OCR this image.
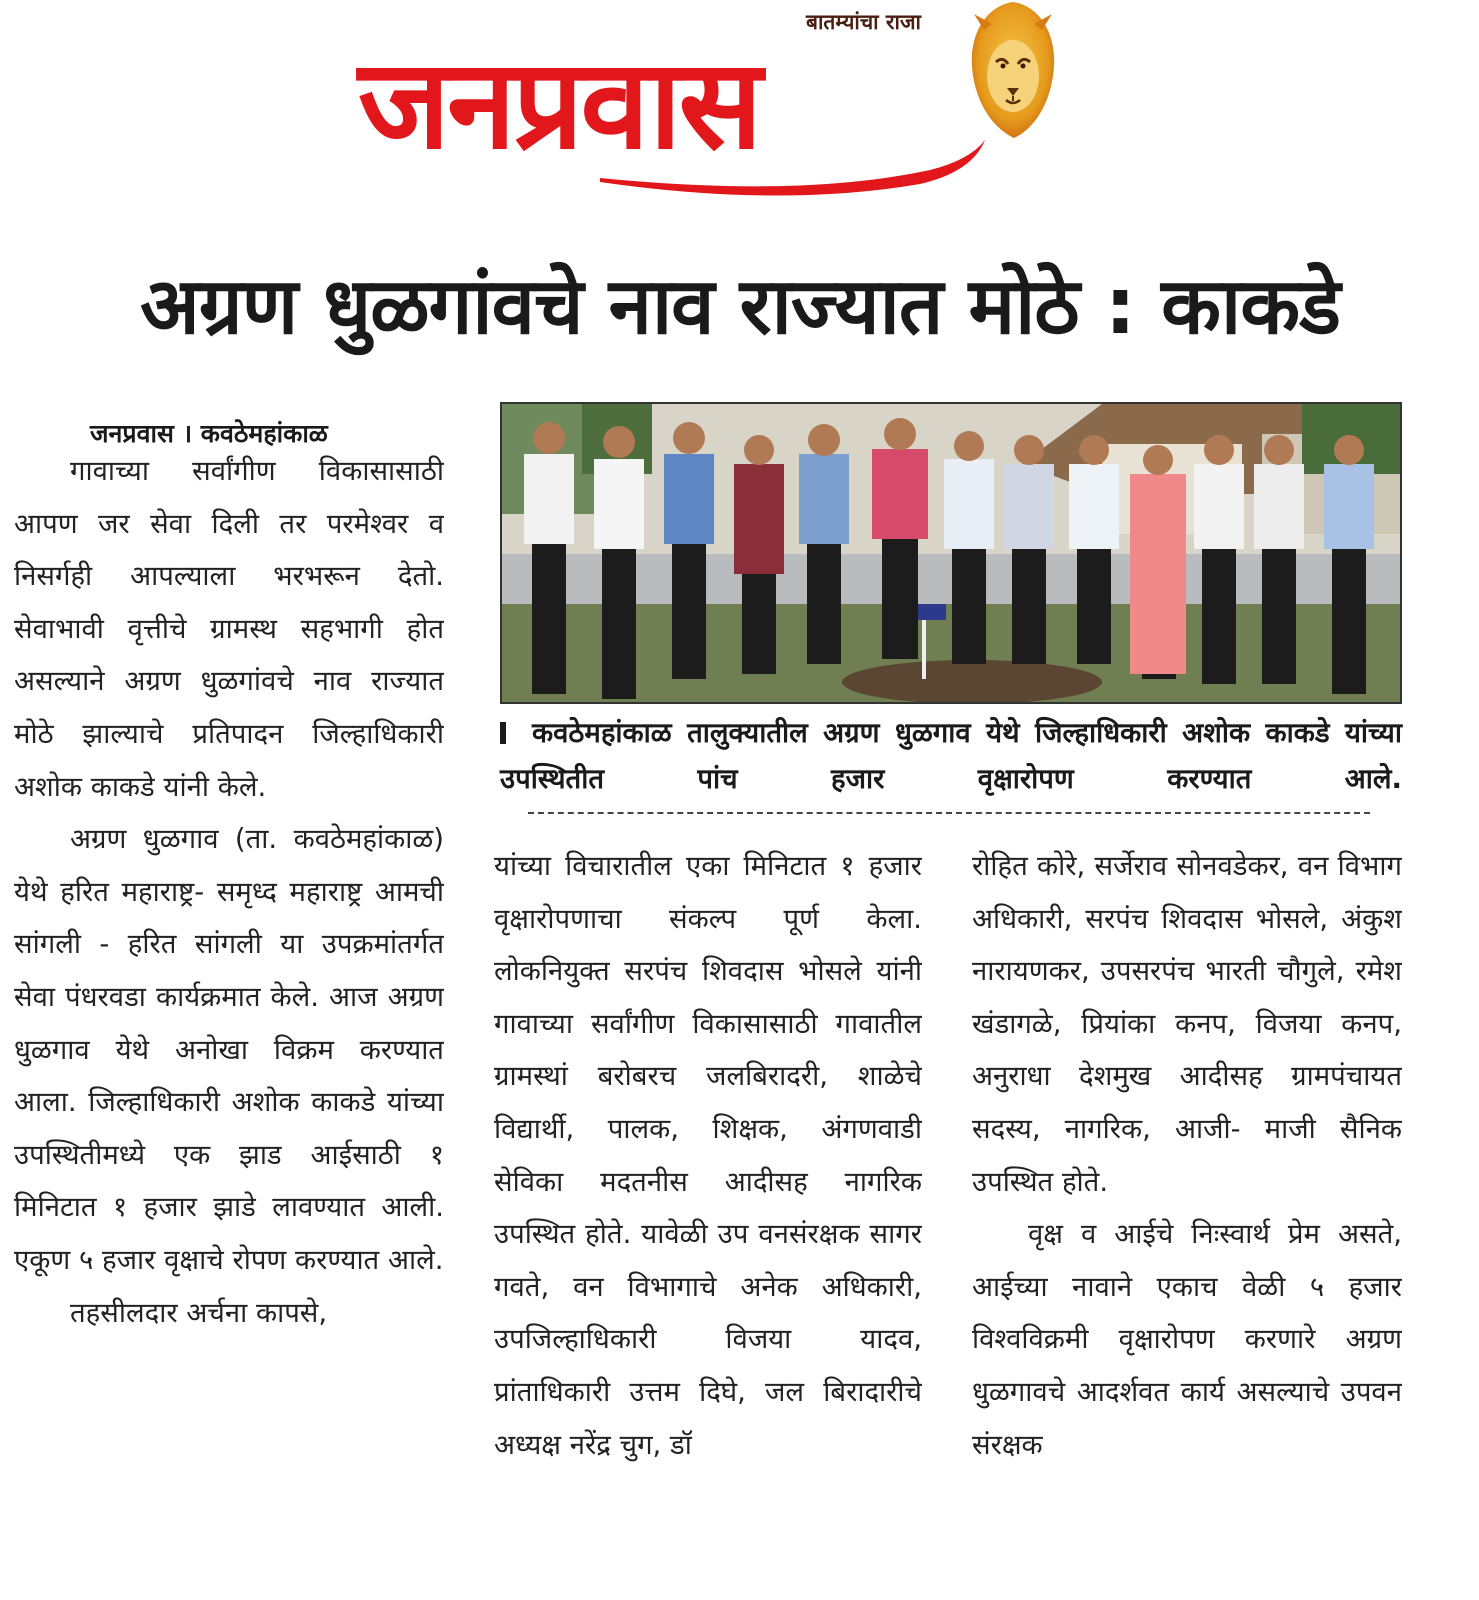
बातम्यांचा राजा
जनप्रवास
अग्रण धुळगांवचे नाव राज्यात मोठे : काकडे
जनप्रवास । कवठेमहांकाळ

गावाच्या सर्वांगीण विकासासाठी आपण जर सेवा दिली तर परमेश्वर व निसर्गही आपल्याला भरभरून देतो. सेवाभावी वृत्तीचे ग्रामस्थ सहभागी होत असल्याने अग्रण धुळगांवचे नाव राज्यात मोठे झाल्याचे प्रतिपादन जिल्हाधिकारी अशोक काकडे यांनी केले.

अग्रण धुळगाव (ता. कवठेमहांकाळ) येथे हरित महाराष्ट्र- समृध्द महाराष्ट्र आमची सांगली - हरित सांगली या उपक्रमांतर्गत सेवा पंधरवडा कार्यक्रमात केले. आज अग्रण धुळगाव येथे अनोखा विक्रम करण्यात आला. जिल्हाधिकारी अशोक काकडे यांच्या उपस्थितीमध्ये एक झाड आईसाठी १ मिनिटात १ हजार झाडे लावण्यात आली. एकूण ५ हजार वृक्षाचे रोपण करण्यात आले.

तहसीलदार अर्चना कापसे,

कवठेमहांकाळ तालुक्यातील अग्रण धुळगाव येथे जिल्हाधिकारी अशोक काकडे यांच्या उपस्थितीत पांच हजार वृक्षारोपण करण्यात आले.

यांच्या विचारातील एका मिनिटात १ हजार वृक्षारोपणाचा संकल्प पूर्ण केला. लोकनियुक्त सरपंच शिवदास भोसले यांनी गावाच्या सर्वांगीण विकासासाठी गावातील ग्रामस्थां बरोबरच जलबिरादरी, शाळेचे विद्यार्थी, पालक, शिक्षक, अंगणवाडी सेविका मदतनीस आदीसह नागरिक उपस्थित होते. यावेळी उप वनसंरक्षक सागर गवते, वन विभागाचे अनेक अधिकारी, उपजिल्हाधिकारी विजया यादव, प्रांताधिकारी उत्तम दिघे, जल बिरादारीचे अध्यक्ष नरेंद्र चुग, डॉ

रोहित कोरे, सर्जेराव सोनवडेकर, वन विभाग अधिकारी, सरपंच शिवदास भोसले, अंकुश नारायणकर, उपसरपंच भारती चौगुले, रमेश खंडागळे, प्रियांका कनप, विजया कनप, अनुराधा देशमुख आदीसह ग्रामपंचायत सदस्य, नागरिक, आजी- माजी सैनिक उपस्थित होते.

वृक्ष व आईचे निःस्वार्थ प्रेम असते, आईच्या नावाने एकाच वेळी ५ हजार विश्वविक्रमी वृक्षारोपण करणारे अग्रण धुळगावचे आदर्शवत कार्य असल्याचे उपवन संरक्षक
